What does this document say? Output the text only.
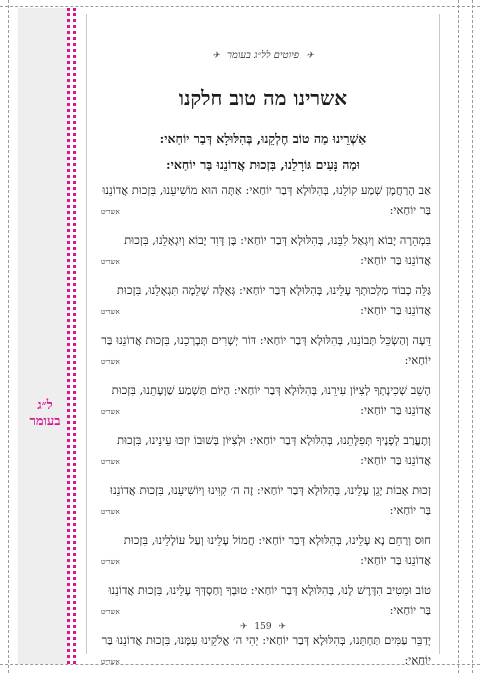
ל״ג
בעומר
✈ פיוטים לל״ג בעומר ✈
אשרינו מה טוב חלקנו
אַשְׁרֵינוּ מַה טוֹב חֶלְקֵנוּ, בְּהִלּוּלָא דְּבַר יוֹחַאי:
וּמַה נָּעִים גּוֹרָלֵנוּ, בִּזְכוּת אֲדוֹנֵנוּ בַּר יוֹחַאי:
אַב הָרַחֲמָן שְׁמַע קוֹלֵנוּ, בְּהִלּוּלָא דְּבַר יוֹחַאי: אַתָּה הוּא מוֹשִׁיעֵנוּ, בִּזְכוּת אֲדוֹנֵנוּ בַּר יוֹחַאי:
אשריט
בִּמְהֵרָה יָבוֹא וְיִגְאַל לִבֵּנוּ, בְּהִלּוּלָא דְּבַר יוֹחַאי: בֶּן דָּוִד יָבוֹא וְיִגְאָלֵנוּ, בִּזְכוּת אֲדוֹנֵנוּ בַּר יוֹחַאי:
אשריט
גַּלֵּה כְבוֹד מַלְכוּתְךָ עָלֵינוּ, בְּהִלּוּלָא דְּבַר יוֹחַאי: גְּאֻלָּה שְׁלֵמָה תִּגְאָלֵנוּ, בִּזְכוּת אֲדוֹנֵנוּ בַּר יוֹחַאי:
אשריט
דֵּעָה וְהַשְׂכֵּל תְּבוֹנֵנוּ, בְּהִלּוּלָא דְּבַר יוֹחַאי: דּוֹר יְשָׁרִים תְּבָרְכֵנוּ, בִּזְכוּת אֲדוֹנֵנוּ בַּר יוֹחַאי:
אשריט
הָשֵׁב שְׁכִינָתְךָ לְצִיּוֹן עִירֵנוּ, בְּהִלּוּלָא דְּבַר יוֹחַאי: הַיּוֹם תַּשְׁמַע שַׁוְעָתֵנוּ, בִּזְכוּת אֲדוֹנֵנוּ בַּר יוֹחַאי:
אשריט
וְתֶעֱרַב לְפָנֶיךָ תְּפִלָּתֵנוּ, בְּהִלּוּלָא דְּבַר יוֹחַאי: וּלְצִיּוֹן בְּשׁוּבוֹ יִזְכּוּ עֵינֵינוּ, בִּזְכוּת אֲדוֹנֵנוּ בַּר יוֹחַאי:
אשריט
זְכוּת אָבוֹת יָגֵן עָלֵינוּ, בְּהִלּוּלָא דְּבַר יוֹחַאי: זֶה ה׳ קִוִּינוּ וְיוֹשִׁיעֵנוּ, בִּזְכוּת אֲדוֹנֵנוּ בַּר יוֹחַאי:
אשריט
חוּס וְרַחֵם נָא עָלֵינוּ, בְּהִלּוּלָא דְּבַר יוֹחַאי: חֲמוֹל עָלֵינוּ וְעַל עוֹלָלֵינוּ, בִּזְכוּת אֲדוֹנֵנוּ בַּר יוֹחַאי:
אשריט
טוֹב וּמֵטִיב הִדָּרֶשׁ לָנוּ, בְּהִלּוּלָא דְּבַר יוֹחַאי: טוּבְךָ וְחַסְדְּךָ עָלֵינוּ, בִּזְכוּת אֲדוֹנֵנוּ בַּר יוֹחַאי:
אשריט
יְדַבֵּר עַמִּים תַּחְתֵּנוּ, בְּהִלּוּלָא דְּבַר יוֹחַאי: יְהִי ה׳ אֱלֹקֵינוּ עִמָּנוּ, בִּזְכוּת אֲדוֹנֵנוּ בַּר יוֹחַאי:
אשריט
✈ 159 ✈
